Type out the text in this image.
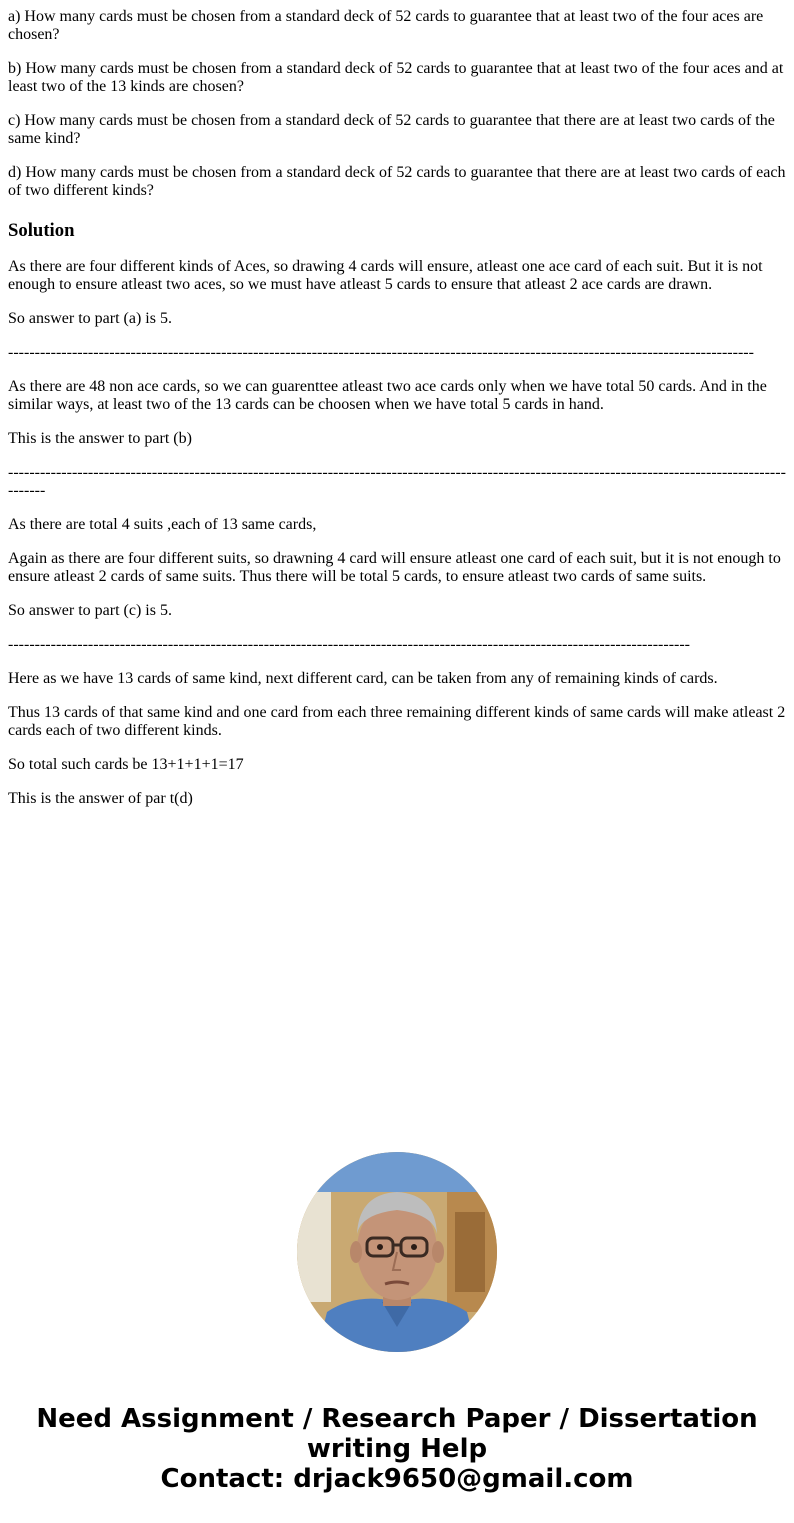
a) How many cards must be chosen from a standard deck of 52 cards to guarantee that at least two of the four aces are chosen?

b) How many cards must be chosen from a standard deck of 52 cards to guarantee that at least two of the four aces and at least two of the 13 kinds are chosen?

c) How many cards must be chosen from a standard deck of 52 cards to guarantee that there are at least two cards of the same kind?

d) How many cards must be chosen from a standard deck of 52 cards to guarantee that there are at least two cards of each of two different kinds?

Solution

As there are four different kinds of Aces, so drawing 4 cards will ensure, atleast one ace card of each suit. But it is not enough to ensure atleast two aces, so we must have atleast 5 cards to ensure that atleast 2 ace cards are drawn.

So answer to part (a) is 5.

--------------------------------------------------------------------------------------------------------------------------------------------

As there are 48 non ace cards, so we can guarenttee atleast two ace cards only when we have total 50 cards. And in the similar ways, at least two of the 13 cards can be choosen when we have total 5 cards in hand.

This is the answer to part (b)

---------------------------------------------------------------------------------------------------------------------------------------------------------

As there are total 4 suits ,each of 13 same cards,

Again as there are four different suits, so drawning 4 card will ensure atleast one card of each suit, but it is not enough to ensure atleast 2 cards of same suits. Thus there will be total 5 cards, to ensure atleast two cards of same suits.

So answer to part (c) is 5.

--------------------------------------------------------------------------------------------------------------------------------

Here as we have 13 cards of same kind, next different card, can be taken from any of remaining kinds of cards.

Thus 13 cards of that same kind and one card from each three remaining different kinds of same cards will make atleast 2 cards each of two different kinds.

So total such cards be 13+1+1+1=17

This is the answer of par t(d)

Need Assignment / Research Paper / Dissertation
writing Help
Contact: drjack9650@gmail.com
